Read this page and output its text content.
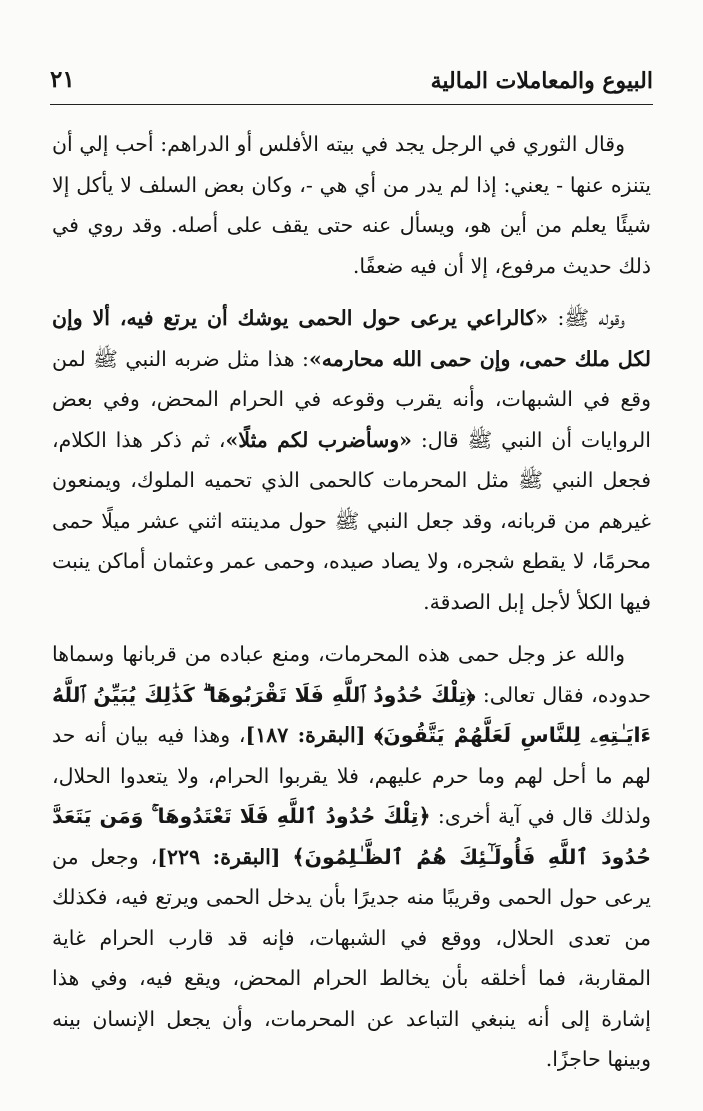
البيوع والمعاملات المالية
٢١

وقال الثوري في الرجل يجد في بيته الأفلس أو الدراهم: أحب إلي أن يتنزه عنها - يعني: إذا لم يدر من أي هي -، وكان بعض السلف لا يأكل إلا شيئًا يعلم من أين هو، ويسأل عنه حتى يقف على أصله. وقد روي في ذلك حديث مرفوع، إلا أن فيه ضعفًا.

وقوله ﷺ: «كالراعي يرعى حول الحمى يوشك أن يرتع فيه، ألا وإن لكل ملك حمى، وإن حمى الله محارمه»: هذا مثل ضربه النبي ﷺ لمن وقع في الشبهات، وأنه يقرب وقوعه في الحرام المحض، وفي بعض الروايات أن النبي ﷺ قال: «وسأضرب لكم مثلًا»، ثم ذكر هذا الكلام، فجعل النبي ﷺ مثل المحرمات كالحمى الذي تحميه الملوك، ويمنعون غيرهم من قربانه، وقد جعل النبي ﷺ حول مدينته اثني عشر ميلًا حمى محرمًا، لا يقطع شجره، ولا يصاد صيده، وحمى عمر وعثمان أماكن ينبت فيها الكلأ لأجل إبل الصدقة.

والله عز وجل حمى هذه المحرمات، ومنع عباده من قربانها وسماها حدوده، فقال تعالى: ﴿تِلْكَ حُدُودُ ٱللَّهِ فَلَا تَقْرَبُوهَا ۗ كَذَٰلِكَ يُبَيِّنُ ٱللَّهُ ءَايَـٰتِهِۦ لِلنَّاسِ لَعَلَّهُمْ يَتَّقُونَ﴾ [البقرة: ١٨٧]، وهذا فيه بيان أنه حد لهم ما أحل لهم وما حرم عليهم، فلا يقربوا الحرام، ولا يتعدوا الحلال، ولذلك قال في آية أخرى: ﴿تِلْكَ حُدُودُ ٱللَّهِ فَلَا تَعْتَدُوهَا ۚ وَمَن يَتَعَدَّ حُدُودَ ٱللَّهِ فَأُولَـٰٓئِكَ هُمُ ٱلظَّـٰلِمُونَ﴾ [البقرة: ٢٢٩]، وجعل من يرعى حول الحمى وقريبًا منه جديرًا بأن يدخل الحمى ويرتع فيه، فكذلك من تعدى الحلال، ووقع في الشبهات، فإنه قد قارب الحرام غاية المقاربة، فما أخلقه بأن يخالط الحرام المحض، ويقع فيه، وفي هذا إشارة إلى أنه ينبغي التباعد عن المحرمات، وأن يجعل الإنسان بينه وبينها حاجزًا.
